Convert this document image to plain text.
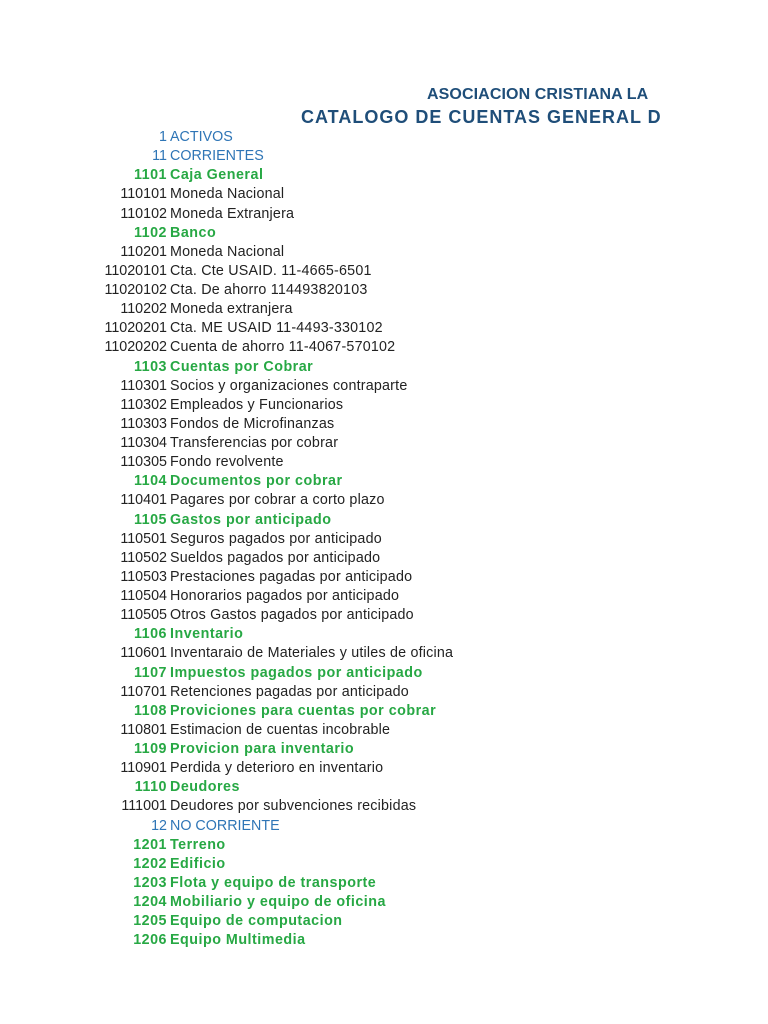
ASOCIACION CRISTIANA LA
CATALOGO DE CUENTAS GENERAL D
1 ACTIVOS
11 CORRIENTES
1101 Caja General
110101 Moneda Nacional
110102 Moneda Extranjera
1102 Banco
110201 Moneda Nacional
11020101 Cta. Cte USAID. 11-4665-6501
11020102 Cta. De ahorro 114493820103
110202 Moneda extranjera
11020201 Cta. ME USAID 11-4493-330102
11020202 Cuenta de ahorro 11-4067-570102
1103 Cuentas por Cobrar
110301 Socios y organizaciones contraparte
110302 Empleados y Funcionarios
110303 Fondos de Microfinanzas
110304 Transferencias por cobrar
110305 Fondo revolvente
1104 Documentos por cobrar
110401 Pagares por cobrar a corto plazo
1105 Gastos por anticipado
110501 Seguros pagados por anticipado
110502 Sueldos pagados por anticipado
110503 Prestaciones pagadas por anticipado
110504 Honorarios pagados por anticipado
110505 Otros Gastos pagados por anticipado
1106 Inventario
110601 Inventaraio de Materiales y utiles de oficina
1107 Impuestos pagados por anticipado
110701 Retenciones pagadas por anticipado
1108 Proviciones para cuentas por cobrar
110801 Estimacion de cuentas incobrable
1109 Provicion para inventario
110901 Perdida y deterioro en inventario
1110 Deudores
111001 Deudores por subvenciones recibidas
12 NO CORRIENTE
1201 Terreno
1202 Edificio
1203 Flota y equipo de transporte
1204 Mobiliario y equipo de oficina
1205 Equipo de computacion
1206 Equipo Multimedia
